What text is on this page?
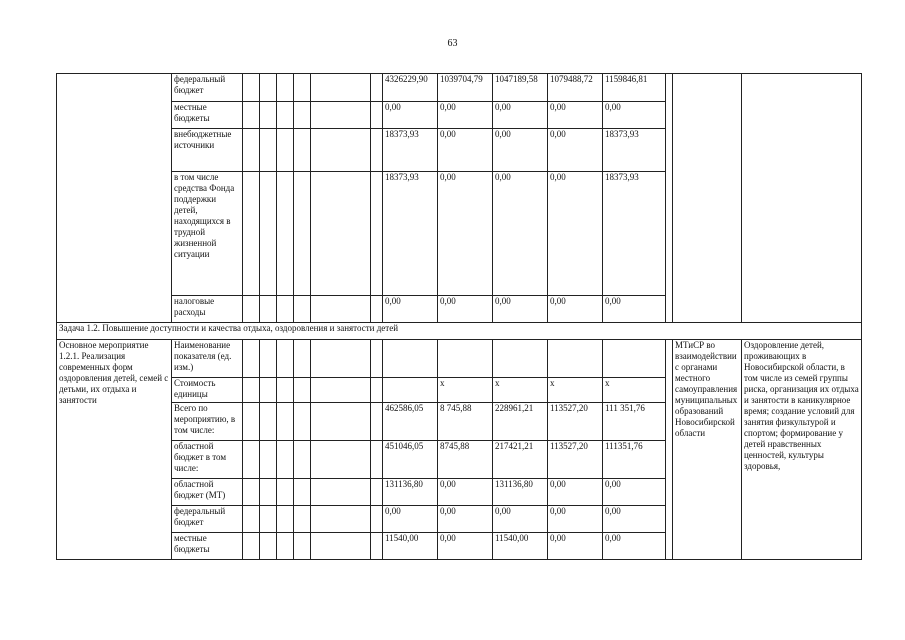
63
	федеральный бюджет							4326229,90	1039704,79	1047189,58	1079488,72	1159846,81			
	местные бюджеты							0,00	0,00	0,00	0,00	0,00			
	внебюджетные источники							18373,93	0,00	0,00	0,00	18373,93			
	в том числе средства Фонда поддержки детей, находящихся в трудной жизненной ситуации							18373,93	0,00	0,00	0,00	18373,93			
	налоговые расходы							0,00	0,00	0,00	0,00	0,00			
Задача 1.2. Повышение доступности и качества отдыха, оздоровления и занятости детей															
Основное мероприятие 1.2.1. Реализация современных форм оздоровления детей, семей с детьми, их отдыха и занятости	Наименование показателя (ед. изм.)													МТиСР во взаимодействии с органами местного самоуправления муниципальных образований Новосибирской области	Оздоровление детей, проживающих в Новосибирской области, в том числе из семей группы риска, организация их отдыха и занятости в каникулярное время; создание условий для занятия физкультурой и спортом; формирование у детей нравственных ценностей, культуры здоровья,
	Стоимость единицы								х	х	х	х			
	Всего по мероприятию, в том числе:							462586,05	8 745,88	228961,21	113527,20	111 351,76			
	областной бюджет в том числе:							451046,05	8745,88	217421,21	113527,20	111351,76			
	областной бюджет (МТ)							131136,80	0,00	131136,80	0,00	0,00			
	федеральный бюджет							0,00	0,00	0,00	0,00	0,00			
	местные бюджеты							11540,00	0,00	11540,00	0,00	0,00			
